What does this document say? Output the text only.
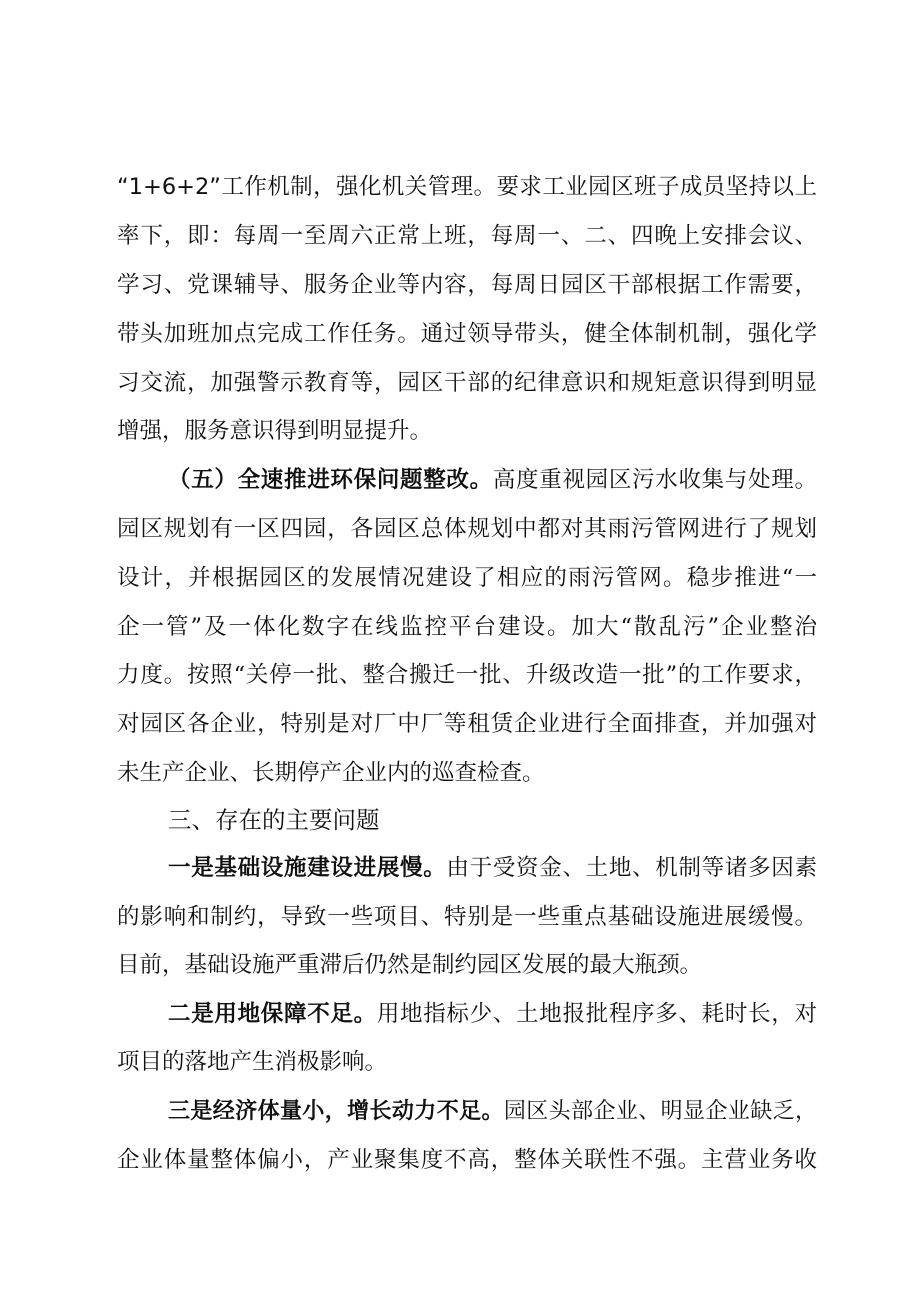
“1+6+2”工作机制，强化机关管理。要求工业园区班子成员坚持以上
率下，即：每周一至周六正常上班，每周一、二、四晚上安排会议、
学习、党课辅导、服务企业等内容，每周日园区干部根据工作需要，
带头加班加点完成工作任务。通过领导带头，健全体制机制，强化学
习交流，加强警示教育等，园区干部的纪律意识和规矩意识得到明显
增强，服务意识得到明显提升。
（五）全速推进环保问题整改。高度重视园区污水收集与处理。
园区规划有一区四园，各园区总体规划中都对其雨污管网进行了规划
设计，并根据园区的发展情况建设了相应的雨污管网。稳步推进“一
企一管”及一体化数字在线监控平台建设。加大“散乱污”企业整治
力度。按照“关停一批、整合搬迁一批、升级改造一批”的工作要求，
对园区各企业，特别是对厂中厂等租赁企业进行全面排查，并加强对
未生产企业、长期停产企业内的巡查检查。
三、存在的主要问题
一是基础设施建设进展慢。由于受资金、土地、机制等诸多因素
的影响和制约，导致一些项目、特别是一些重点基础设施进展缓慢。
目前，基础设施严重滞后仍然是制约园区发展的最大瓶颈。
二是用地保障不足。用地指标少、土地报批程序多、耗时长，对
项目的落地产生消极影响。
三是经济体量小，增长动力不足。园区头部企业、明显企业缺乏，
企业体量整体偏小，产业聚集度不高，整体关联性不强。主营业务收
